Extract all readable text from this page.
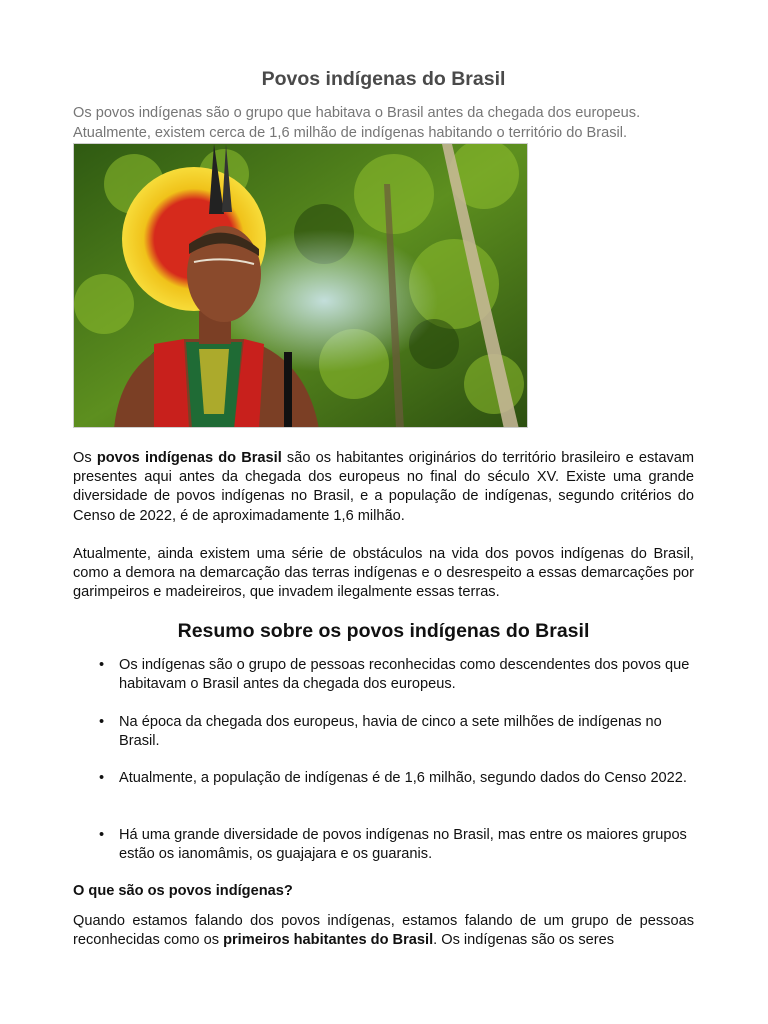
Povos indígenas do Brasil

Os povos indígenas são o grupo que habitava o Brasil antes da chegada dos europeus. Atualmente, existem cerca de 1,6 milhão de indígenas habitando o território do Brasil.

Os povos indígenas do Brasil são os habitantes originários do território brasileiro e estavam presentes aqui antes da chegada dos europeus no final do século XV. Existe uma grande diversidade de povos indígenas no Brasil, e a população de indígenas, segundo critérios do Censo de 2022, é de aproximadamente 1,6 milhão.

Atualmente, ainda existem uma série de obstáculos na vida dos povos indígenas do Brasil, como a demora na demarcação das terras indígenas e o desrespeito a essas demarcações por garimpeiros e madeireiros, que invadem ilegalmente essas terras.

Resumo sobre os povos indígenas do Brasil
•	Os indígenas são o grupo de pessoas reconhecidas como descendentes dos povos que habitavam o Brasil antes da chegada dos europeus.
•	Na época da chegada dos europeus, havia de cinco a sete milhões de indígenas no Brasil.
•	Atualmente, a população de indígenas é de 1,6 milhão, segundo dados do Censo 2022.
•	Há uma grande diversidade de povos indígenas no Brasil, mas entre os maiores grupos estão os ianomâmis, os guajajara e os guaranis.
O que são os povos indígenas?

Quando estamos falando dos povos indígenas, estamos falando de um grupo de pessoas reconhecidas como os primeiros habitantes do Brasil. Os indígenas são os seres
